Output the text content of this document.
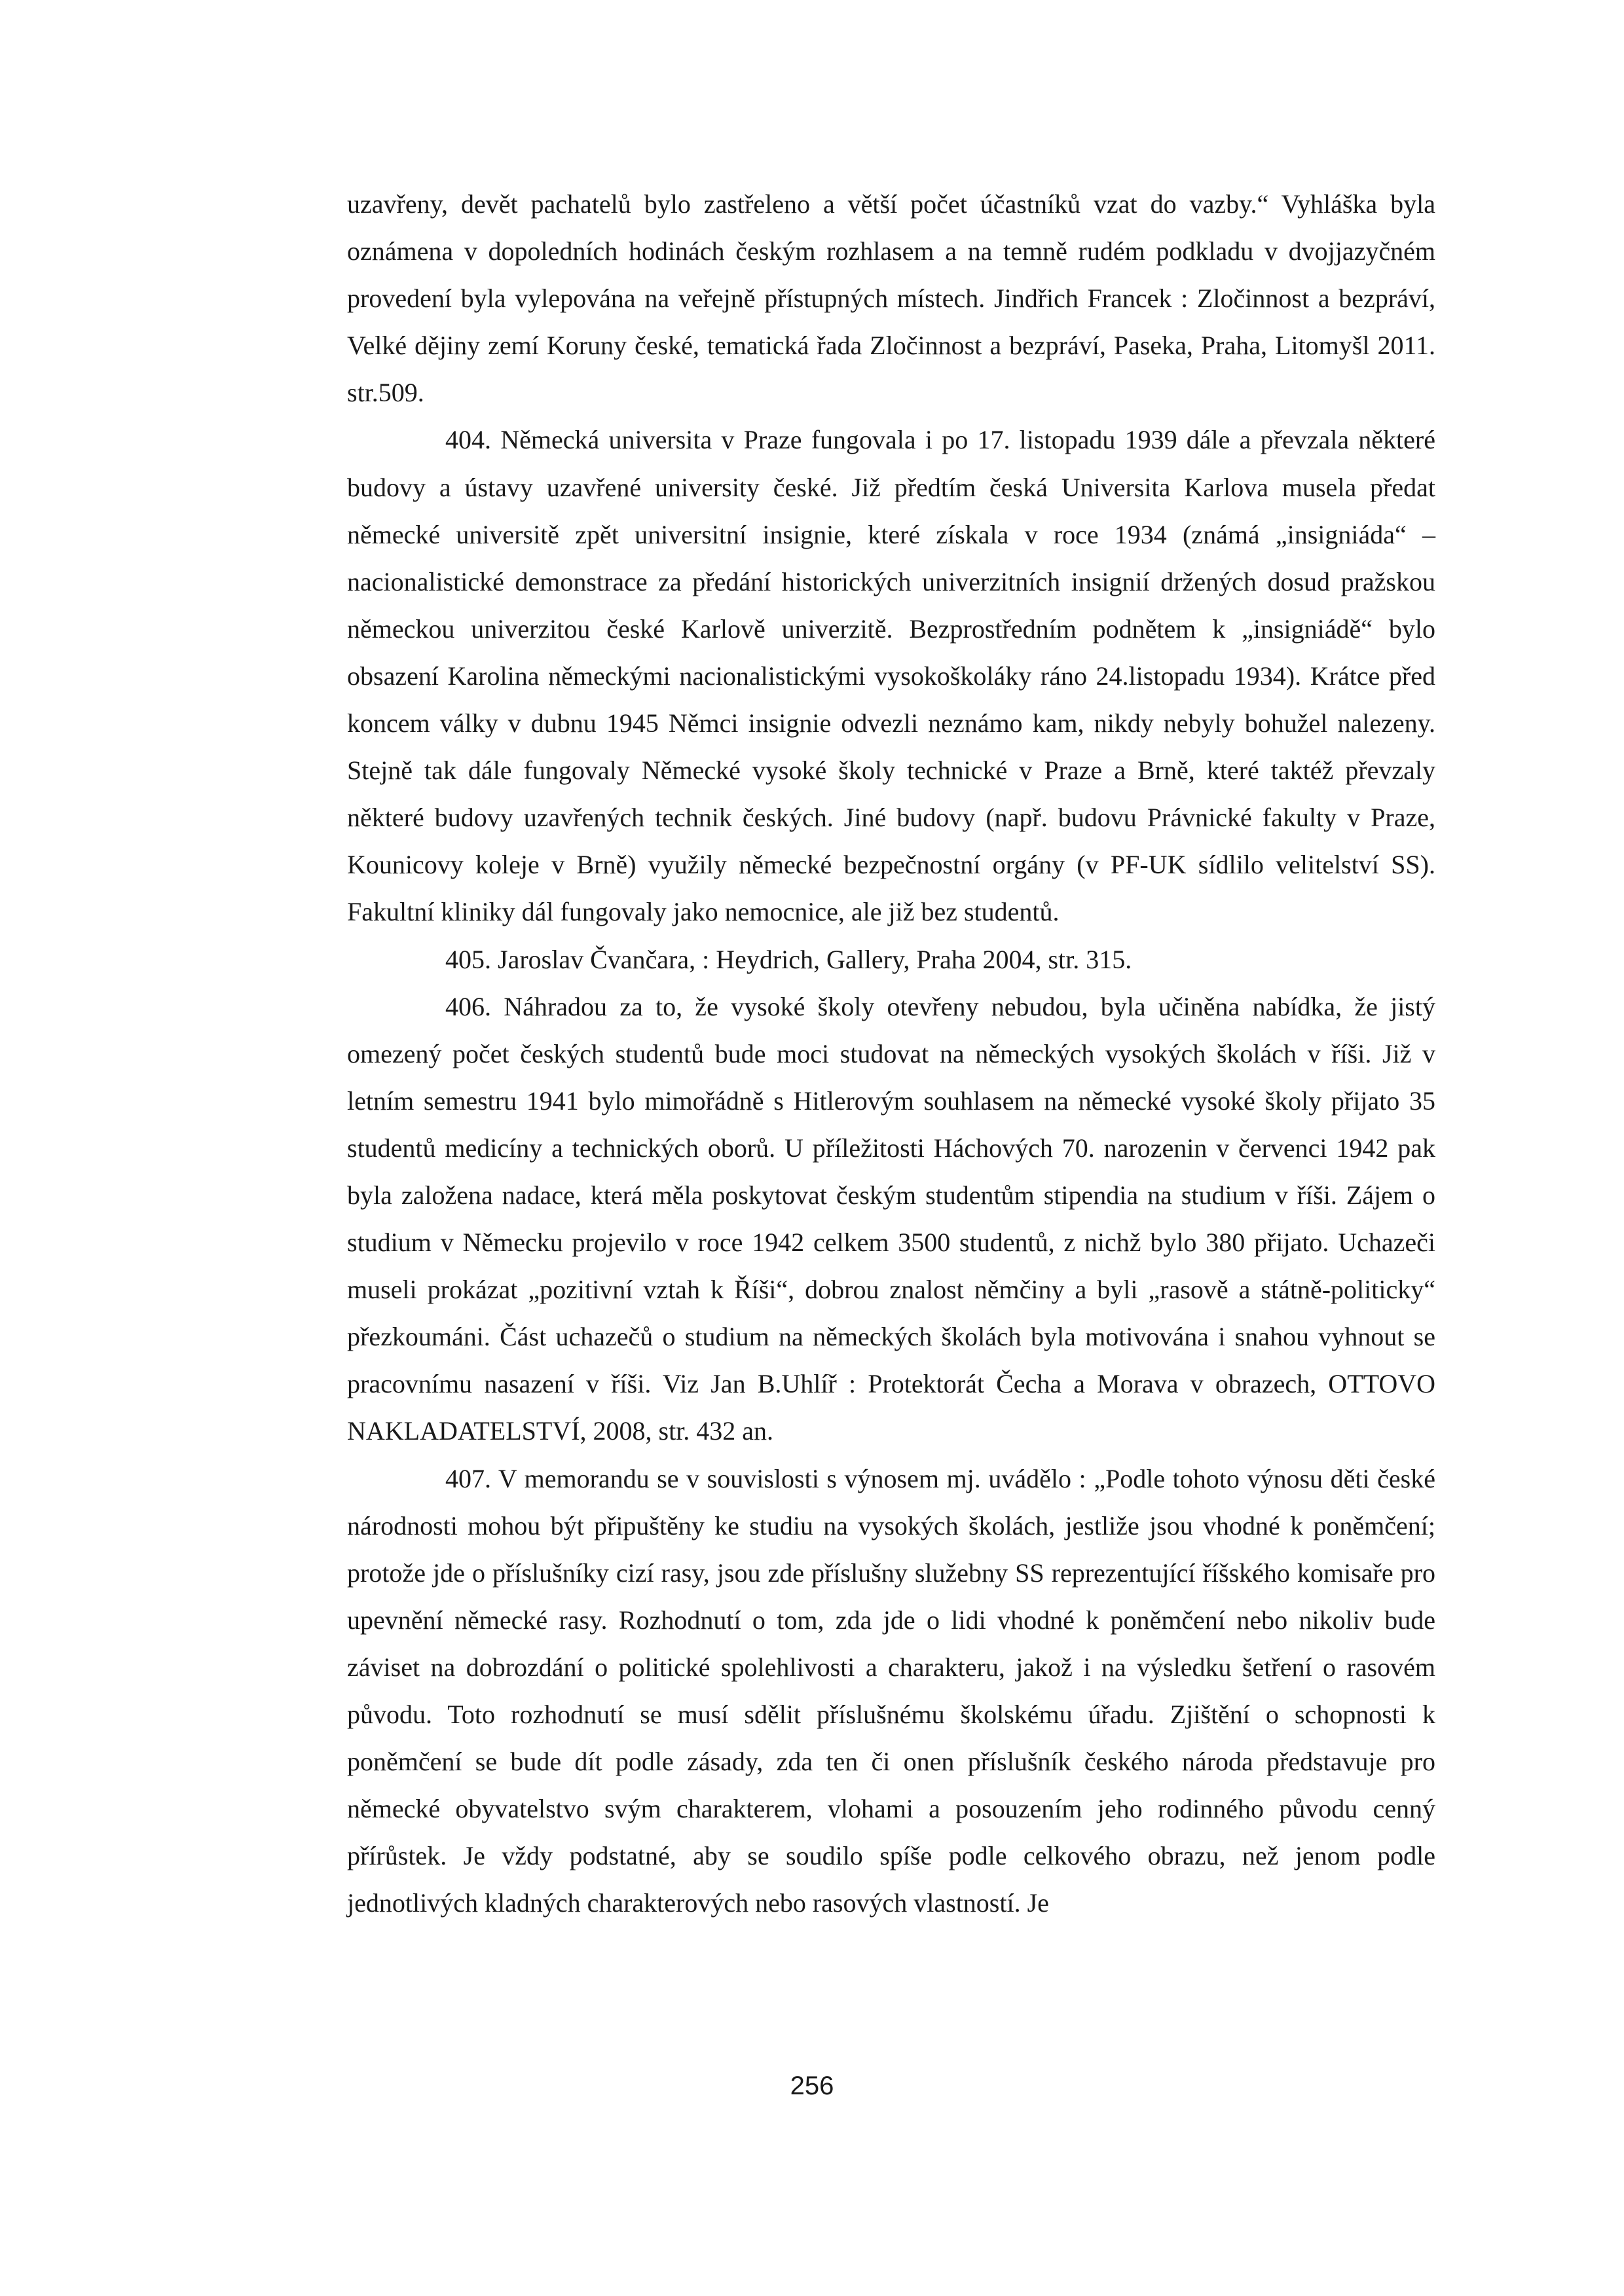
uzavřeny, devět pachatelů bylo zastřeleno a větší počet účastníků vzat do vazby.“ Vyhláška byla oznámena v dopoledních hodinách českým rozhlasem a na temně rudém podkladu v dvojjazyčném provedení byla vylepována na veřejně přístupných místech. Jindřich Francek : Zločinnost a bezpráví, Velké dějiny zemí Koruny české, tematická řada Zločinnost a bezpráví, Paseka, Praha, Litomyšl 2011. str.509.

404. Německá universita v Praze fungovala i po 17. listopadu 1939 dále a převzala některé budovy a ústavy uzavřené university české. Již předtím česká Universita Karlova musela předat německé universitě zpět universitní insignie, které získala v roce 1934 (známá „insigniáda“ – nacionalistické demonstrace za předání historických univerzitních insignií držených dosud pražskou německou univerzitou české Karlově univerzitě. Bezprostředním podnětem k „insigniádě“ bylo obsazení Karolina německými nacionalistickými vysokoškoláky ráno 24.listopadu 1934). Krátce před koncem války v dubnu 1945 Němci insignie odvezli neznámo kam, nikdy nebyly bohužel nalezeny. Stejně tak dále fungovaly Německé vysoké školy technické v Praze a Brně, které taktéž převzaly některé budovy uzavřených technik českých. Jiné budovy (např. budovu Právnické fakulty v Praze, Kounicovy koleje v Brně) využily německé bezpečnostní orgány (v PF-UK sídlilo velitelství SS). Fakultní kliniky dál fungovaly jako nemocnice, ale již bez studentů.

405. Jaroslav Čvančara, : Heydrich, Gallery, Praha 2004, str. 315.

406. Náhradou za to, že vysoké školy otevřeny nebudou, byla učiněna nabídka, že jistý omezený počet českých studentů bude moci studovat na německých vysokých školách v říši. Již v letním semestru 1941 bylo mimořádně s Hitlerovým souhlasem na německé vysoké školy přijato 35 studentů medicíny a technických oborů. U příležitosti Háchových 70. narozenin v červenci 1942 pak byla založena nadace, která měla poskytovat českým studentům stipendia na studium v říši. Zájem o studium v Německu projevilo v roce 1942 celkem 3500 studentů, z nichž bylo 380 přijato. Uchazeči museli prokázat „pozitivní vztah k Říši“, dobrou znalost němčiny a byli „rasově a státně-politicky“ přezkoumáni. Část uchazečů o studium na německých školách byla motivována i snahou vyhnout se pracovnímu nasazení v říši. Viz Jan B.Uhlíř : Protektorát Čecha a Morava v obrazech, OTTOVO NAKLADATELSTVÍ, 2008, str. 432 an.

407. V memorandu se v souvislosti s výnosem mj. uvádělo : „Podle tohoto výnosu děti české národnosti mohou být připuštěny ke studiu na vysokých školách, jestliže jsou vhodné k poněmčení; protože jde o příslušníky cizí rasy, jsou zde příslušny služebny SS reprezentující říšského komisaře pro upevnění německé rasy. Rozhodnutí o tom, zda jde o lidi vhodné k poněmčení nebo nikoliv bude záviset na dobrozdání o politické spolehlivosti a charakteru, jakož i na výsledku šetření o rasovém původu. Toto rozhodnutí se musí sdělit příslušnému školskému úřadu. Zjištění o schopnosti k poněmčení se bude dít podle zásady, zda ten či onen příslušník českého národa představuje pro německé obyvatelstvo svým charakterem, vlohami a posouzením jeho rodinného původu cenný přírůstek. Je vždy podstatné, aby se soudilo spíše podle celkového obrazu, než jenom podle jednotlivých kladných charakterových nebo rasových vlastností. Je

256
